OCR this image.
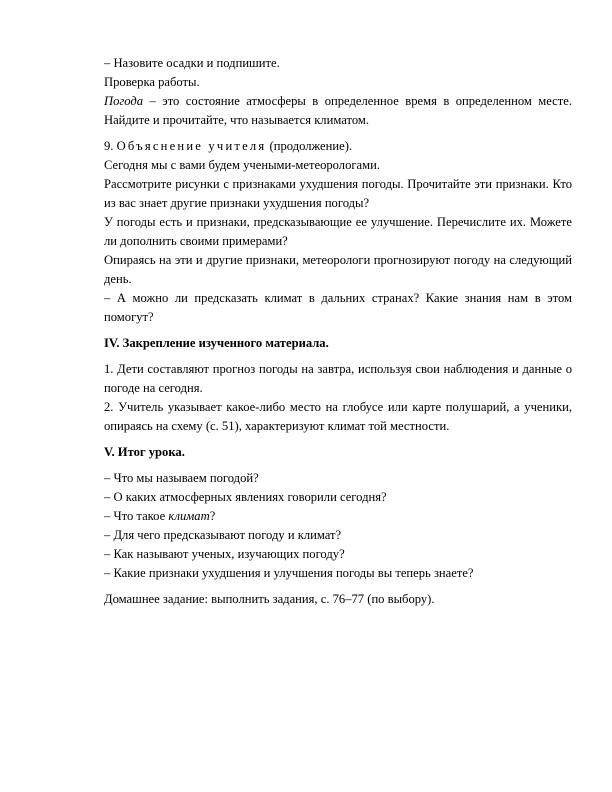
– Назовите осадки и подпишите.

Проверка работы.

Погода – это состояние атмосферы в определенное время в определенном месте. Найдите и прочитайте, что называется климатом.

9. Объяснение учителя (продолжение).

Сегодня мы с вами будем учеными-метеорологами.

Рассмотрите рисунки с признаками ухудшения погоды. Прочитайте эти признаки. Кто из вас знает другие признаки ухудшения погоды?

У погоды есть и признаки, предсказывающие ее улучшение. Перечислите их. Можете ли дополнить своими примерами?

Опираясь на эти и другие признаки, метеорологи прогнозируют погоду на следующий день.

– А можно ли предсказать климат в дальних странах? Какие знания нам в этом помогут?

IV. Закрепление изученного материала.

1. Дети составляют прогноз погоды на завтра, используя свои наблюдения и данные о погоде на сегодня.

2. Учитель указывает какое-либо место на глобусе или карте полушарий, а ученики, опираясь на схему (с. 51), характеризуют климат той местности.

V. Итог урока.

– Что мы называем погодой?

– О каких атмосферных явлениях говорили сегодня?

– Что такое климат?

– Для чего предсказывают погоду и климат?

– Как называют ученых, изучающих погоду?

– Какие признаки ухудшения и улучшения погоды вы теперь знаете?

Домашнее задание: выполнить задания, с. 76–77 (по выбору).
